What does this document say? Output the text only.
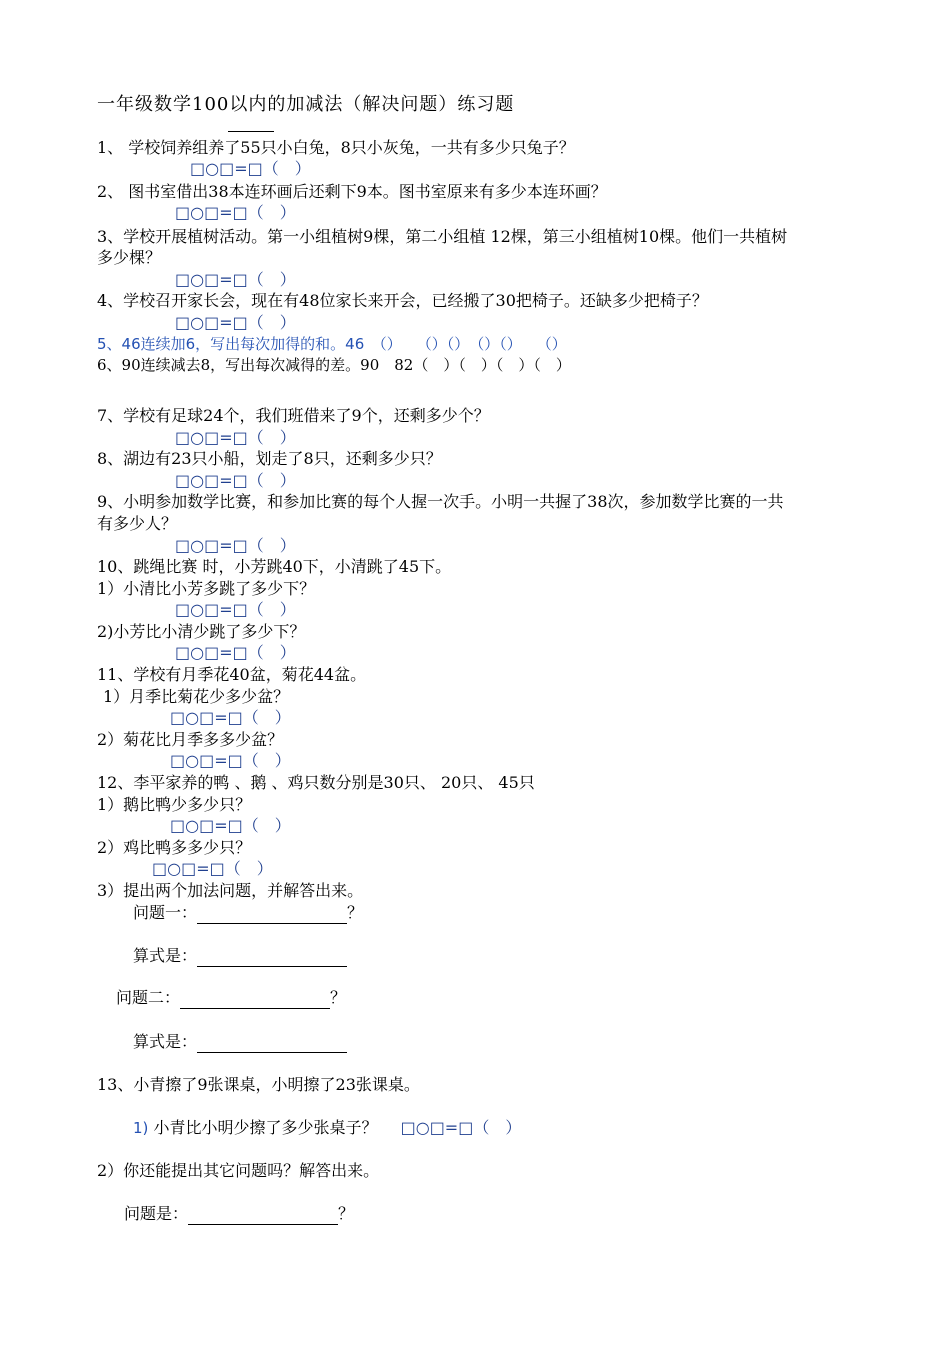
一年级数学100以内的加减法（解决问题）练习题
1、 学校饲养组养了55只小白兔，8只小灰兔，一共有多少只兔子？
□○□=□（　）
2、 图书室借出38本连环画后还剩下9本。图书室原来有多少本连环画？
□○□=□（　）
3、学校开展植树活动。第一小组植树9棵，第二小组植 12棵，第三小组植树10棵。他们一共植树
多少棵？
□○□=□（　）
4、学校召开家长会，现在有48位家长来开会，已经搬了30把椅子。还缺多少把椅子？
□○□=□（　）
5、46连续加6，写出每次加得的和。46　（）　　（）（）　（）（）　　（）
6、90连续减去8，写出每次减得的差。90　82（　）（　）（　）（　）
7、学校有足球24个，我们班借来了9个，还剩多少个？
□○□=□（　）
8、湖边有23只小船，划走了8只，还剩多少只？
□○□=□（　）
9、小明参加数学比赛，和参加比赛的每个人握一次手。小明一共握了38次，参加数学比赛的一共
有多少人？
□○□=□（　）
10、跳绳比赛 时，小芳跳40下，小清跳了45下。
1）小清比小芳多跳了多少下？
□○□=□（　）
2)小芳比小清少跳了多少下？
□○□=□（　）
11、学校有月季花40盆，菊花44盆。
1）月季比菊花少多少盆？
□○□=□（　）
2）菊花比月季多多少盆？
□○□=□（　）
12、李平家养的鸭 、鹅 、鸡只数分别是30只、 20只、 45只
1）鹅比鸭少多少只？
□○□=□（　）
2）鸡比鸭多多少只？
□○□=□（　）
3）提出两个加法问题，并解答出来。
问题一：	？
算式是：
问题二：	？
算式是：
13、小青擦了9张课桌，小明擦了23张课桌。
1) 小青比小明少擦了多少张桌子？ □○□=□（　）
2）你还能提出其它问题吗？解答出来。
问题是：	？
